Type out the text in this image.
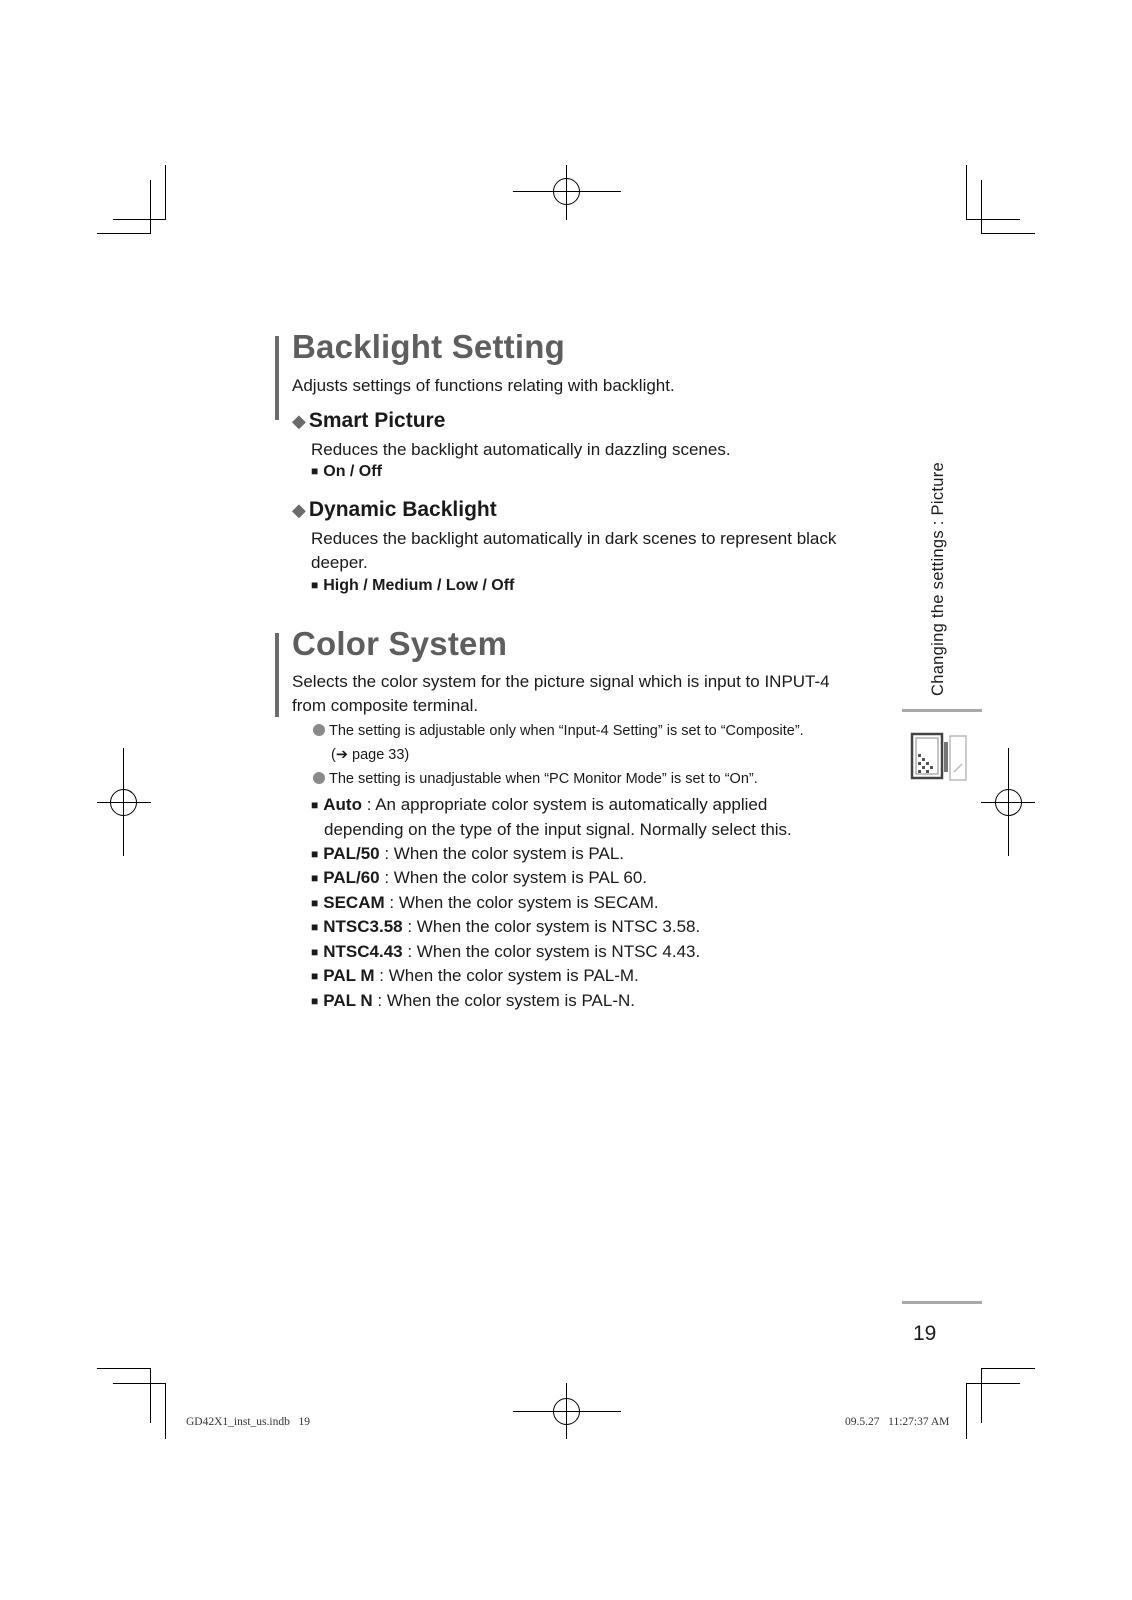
Backlight Setting

Adjusts settings of functions relating with backlight.

◆ Smart Picture

Reduces the backlight automatically in dazzling scenes.

■ On / Off
◆ Dynamic Backlight

Reduces the backlight automatically in dark scenes to represent black

deeper.

■ High / Medium / Low / Off
Color System

Selects the color system for the picture signal which is input to INPUT-4

from composite terminal.

The setting is adjustable only when “Input-4 Setting” is set to “Composite”.
(➔ page 33)
The setting is unadjustable when “PC Monitor Mode” is set to “On”.
■ Auto : An appropriate color system is automatically applied
depending on the type of the input signal. Normally select this.
■ PAL/50 : When the color system is PAL.
■ PAL/60 : When the color system is PAL 60.
■ SECAM : When the color system is SECAM.
■ NTSC3.58 : When the color system is NTSC 3.58.
■ NTSC4.43 : When the color system is NTSC 4.43.
■ PAL M : When the color system is PAL-M.
■ PAL N : When the color system is PAL-N.
Changing the settings : Picture
19
GD42X1_inst_us.indb   19	09.5.27   11:27:37 AM
